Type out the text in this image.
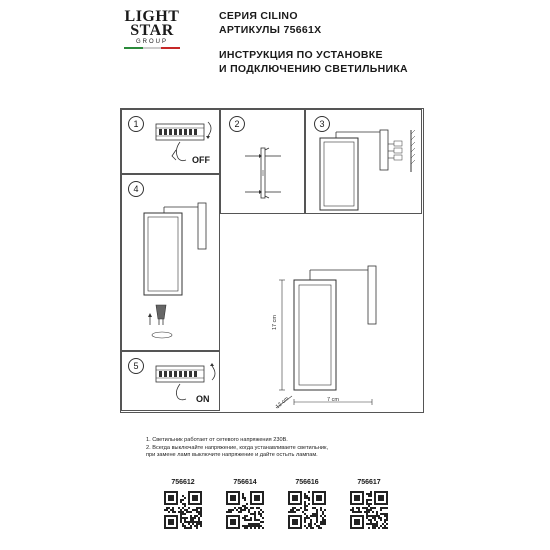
LIGHT
STAR
GROUP
СЕРИЯ CILINO
АРТИКУЛЫ 75661X
ИНСТРУКЦИЯ ПО УСТАНОВКЕ
И ПОДКЛЮЧЕНИЮ СВЕТИЛЬНИКА
1
OFF
2	3
4
5
ON
17 cm
7 cm
12 cm
1. Светильник работает от сетевого напряжения 230В.
2. Всегда выключайте напряжение, когда устанавливаете светильник,
при замене ламп выключите напряжение и дайте остыть лампам.
756612	756614	756616	756617
